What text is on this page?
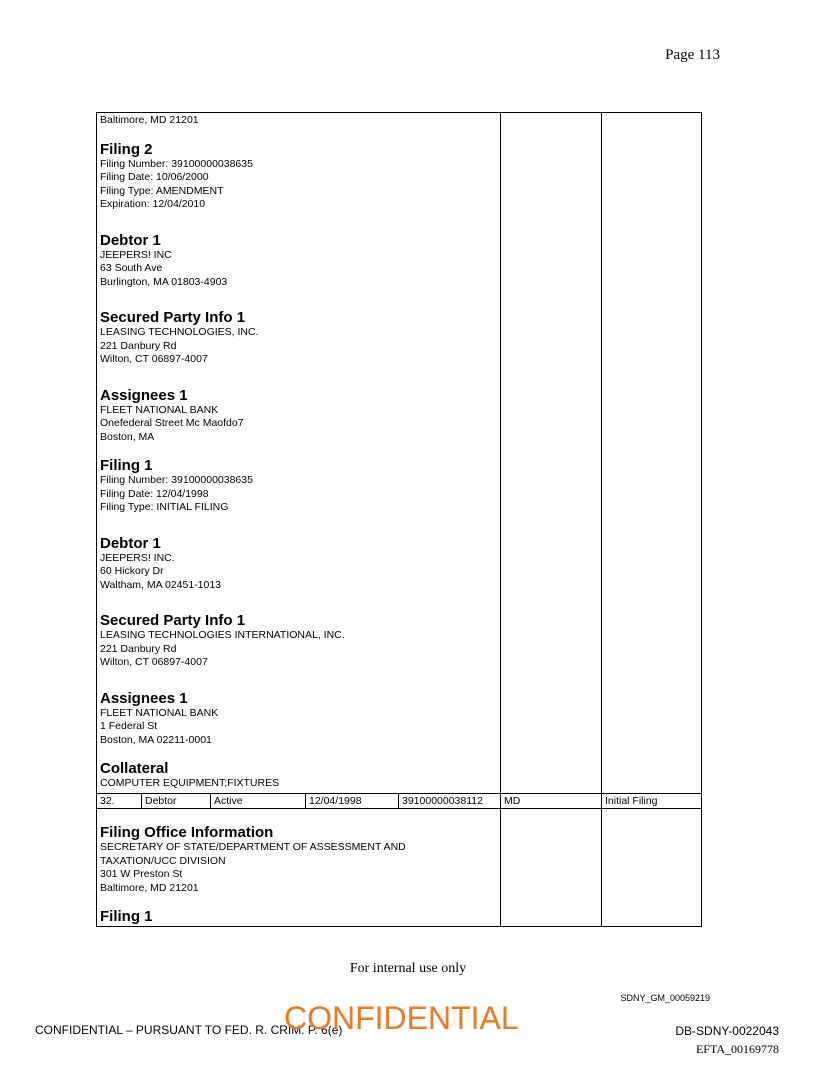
Page 113
Baltimore, MD 21201
Filing 2
Filing Number: 39100000038635
Filing Date: 10/06/2000
Filing Type: AMENDMENT
Expiration: 12/04/2010
Debtor 1
JEEPERS! INC
63 South Ave
Burlington, MA 01803-4903
Secured Party Info 1
LEASING TECHNOLOGIES, INC.
221 Danbury Rd
Wilton, CT 06897-4007
Assignees 1
FLEET NATIONAL BANK
Onefederal Street Mc Maofdo7
Boston, MA
Filing 1
Filing Number: 39100000038635
Filing Date: 12/04/1998
Filing Type: INITIAL FILING
Debtor 1
JEEPERS! INC.
60 Hickory Dr
Waltham, MA 02451-1013
Secured Party Info 1
LEASING TECHNOLOGIES INTERNATIONAL, INC.
221 Danbury Rd
Wilton, CT 06897-4007
Assignees 1
FLEET NATIONAL BANK
1 Federal St
Boston, MA 02211-0001
Collateral
COMPUTER EQUIPMENT;FIXTURES
32.	Debtor	Active	12/04/1998	39100000038112	MD	Initial Filing
Filing Office Information
SECRETARY OF STATE/DEPARTMENT OF ASSESSMENT AND
TAXATION/UCC DIVISION
301 W Preston St
Baltimore, MD 21201
Filing 1
For internal use only
SDNY_GM_00059219
CONFIDENTIAL – PURSUANT TO FED. R. CRIM. P. 6(e)
CONFIDENTIAL	DB-SDNY-0022043
EFTA_00169778
